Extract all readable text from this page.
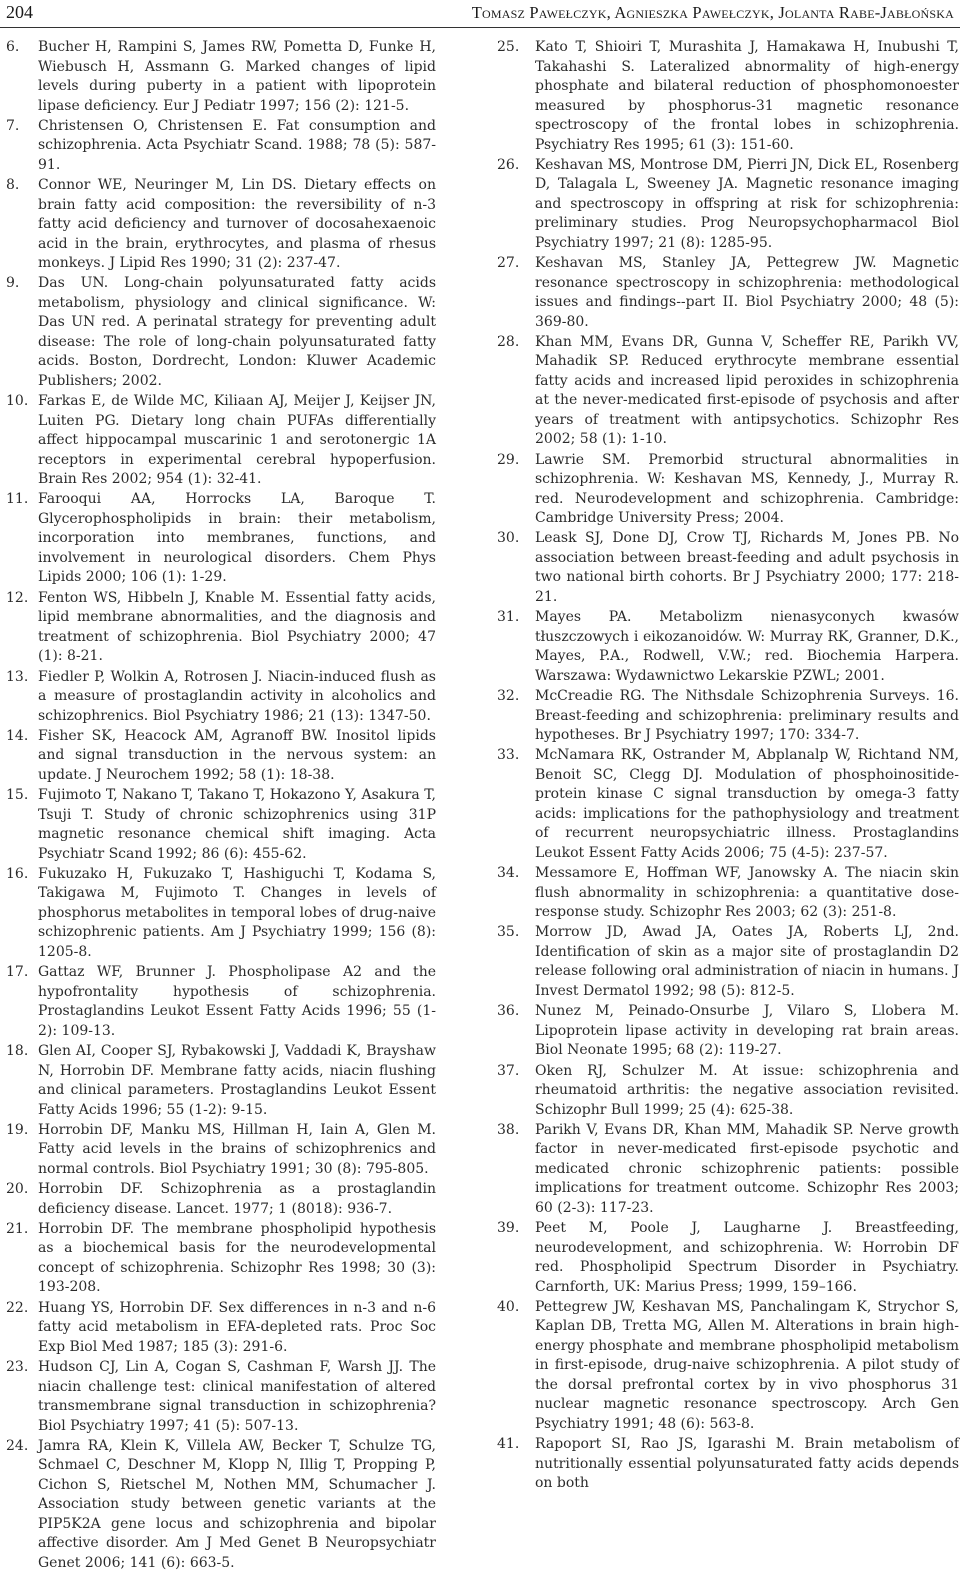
204	Tomasz Pawełczyk, Agnieszka Pawełczyk, Jolanta Rabe-Jabłońska
6.	Bucher H, Rampini S, James RW, Pometta D, Funke H, Wiebusch H, Assmann G. Marked changes of lipid levels during puberty in a patient with lipoprotein lipase deficiency. Eur J Pediatr 1997; 156 (2): 121-5.
7.	Christensen O, Christensen E. Fat consumption and schizophrenia. Acta Psychiatr Scand. 1988; 78 (5): 587-91.
8.	Connor WE, Neuringer M, Lin DS. Dietary effects on brain fatty acid composition: the reversibility of n-3 fatty acid deficiency and turnover of docosahexaenoic acid in the brain, erythrocytes, and plasma of rhesus monkeys. J Lipid Res 1990; 31 (2): 237-47.
9.	Das UN. Long-chain polyunsaturated fatty acids metabolism, physiology and clinical significance. W: Das UN red. A perinatal strategy for preventing adult disease: The role of long-chain polyunsaturated fatty acids. Boston, Dordrecht, London: Kluwer Academic Publishers; 2002.
10. Farkas E, de Wilde MC, Kiliaan AJ, Meijer J, Keijser JN, Luiten PG. Dietary long chain PUFAs differentially affect hippocampal muscarinic 1 and serotonergic 1A receptors in experimental cerebral hypoperfusion. Brain Res 2002; 954 (1): 32-41.
11. Farooqui AA, Horrocks LA, Baroque T. Glycerophospholipids in brain: their metabolism, incorporation into membranes, functions, and involvement in neurological disorders. Chem Phys Lipids 2000; 106 (1): 1-29.
12. Fenton WS, Hibbeln J, Knable M. Essential fatty acids, lipid membrane abnormalities, and the diagnosis and treatment of schizophrenia. Biol Psychiatry 2000; 47 (1): 8-21.
13. Fiedler P, Wolkin A, Rotrosen J. Niacin-induced flush as a measure of prostaglandin activity in alcoholics and schizophrenics. Biol Psychiatry 1986; 21 (13): 1347-50.
14. Fisher SK, Heacock AM, Agranoff BW. Inositol lipids and signal transduction in the nervous system: an update. J Neurochem 1992; 58 (1): 18-38.
15. Fujimoto T, Nakano T, Takano T, Hokazono Y, Asakura T, Tsuji T. Study of chronic schizophrenics using 31P magnetic resonance chemical shift imaging. Acta Psychiatr Scand 1992; 86 (6): 455-62.
16. Fukuzako H, Fukuzako T, Hashiguchi T, Kodama S, Takigawa M, Fujimoto T. Changes in levels of phosphorus metabolites in temporal lobes of drug-naive schizophrenic patients. Am J Psychiatry 1999; 156 (8): 1205-8.
17. Gattaz WF, Brunner J. Phospholipase A2 and the hypofrontality hypothesis of schizophrenia. Prostaglandins Leukot Essent Fatty Acids 1996; 55 (1-2): 109-13.
18. Glen AI, Cooper SJ, Rybakowski J, Vaddadi K, Brayshaw N, Horrobin DF. Membrane fatty acids, niacin flushing and clinical parameters. Prostaglandins Leukot Essent Fatty Acids 1996; 55 (1-2): 9-15.
19. Horrobin DF, Manku MS, Hillman H, Iain A, Glen M. Fatty acid levels in the brains of schizophrenics and normal controls. Biol Psychiatry 1991; 30 (8): 795-805.
20. Horrobin DF. Schizophrenia as a prostaglandin deficiency disease. Lancet. 1977; 1 (8018): 936-7.
21. Horrobin DF. The membrane phospholipid hypothesis as a biochemical basis for the neurodevelopmental concept of schizophrenia. Schizophr Res 1998; 30 (3): 193-208.
22. Huang YS, Horrobin DF. Sex differences in n-3 and n-6 fatty acid metabolism in EFA-depleted rats. Proc Soc Exp Biol Med 1987; 185 (3): 291-6.
23. Hudson CJ, Lin A, Cogan S, Cashman F, Warsh JJ. The niacin challenge test: clinical manifestation of altered transmembrane signal transduction in schizophrenia? Biol Psychiatry 1997; 41 (5): 507-13.
24. Jamra RA, Klein K, Villela AW, Becker T, Schulze TG, Schmael C, Deschner M, Klopp N, Illig T, Propping P, Cichon S, Rietschel M, Nothen MM, Schumacher J. Association study between genetic variants at the PIP5K2A gene locus and schizophrenia and bipolar affective disorder. Am J Med Genet B Neuropsychiatr Genet 2006; 141 (6): 663-5.
25.	Kato T, Shioiri T, Murashita J, Hamakawa H, Inubushi T, Takahashi S. Lateralized abnormality of high-energy phosphate and bilateral reduction of phosphomonoester measured by phosphorus-31 magnetic resonance spectroscopy of the frontal lobes in schizophrenia. Psychiatry Res 1995; 61 (3): 151-60.
26.	Keshavan MS, Montrose DM, Pierri JN, Dick EL, Rosenberg D, Talagala L, Sweeney JA. Magnetic resonance imaging and spectroscopy in offspring at risk for schizophrenia: preliminary studies. Prog Neuropsychopharmacol Biol Psychiatry 1997; 21 (8): 1285-95.
27.	Keshavan MS, Stanley JA, Pettegrew JW. Magnetic resonance spectroscopy in schizophrenia: methodological issues and findings--part II. Biol Psychiatry 2000; 48 (5): 369-80.
28.	Khan MM, Evans DR, Gunna V, Scheffer RE, Parikh VV, Mahadik SP. Reduced erythrocyte membrane essential fatty acids and increased lipid peroxides in schizophrenia at the never-medicated first-episode of psychosis and after years of treatment with antipsychotics. Schizophr Res 2002; 58 (1): 1-10.
29.	Lawrie SM. Premorbid structural abnormalities in schizophrenia. W: Keshavan MS, Kennedy, J., Murray R. red. Neurodevelopment and schizophrenia. Cambridge: Cambridge University Press; 2004.
30.	Leask SJ, Done DJ, Crow TJ, Richards M, Jones PB. No association between breast-feeding and adult psychosis in two national birth cohorts. Br J Psychiatry 2000; 177: 218-21.
31.	Mayes PA. Metabolizm nienasyconych kwasów tłuszczowych i eikozanoidów. W: Murray RK, Granner, D.K., Mayes, P.A., Rodwell, V.W.; red. Biochemia Harpera. Warszawa: Wydawnictwo Lekarskie PZWL; 2001.
32.	McCreadie RG. The Nithsdale Schizophrenia Surveys. 16. Breast-feeding and schizophrenia: preliminary results and hypotheses. Br J Psychiatry 1997; 170: 334-7.
33.	McNamara RK, Ostrander M, Abplanalp W, Richtand NM, Benoit SC, Clegg DJ. Modulation of phosphoinositide-protein kinase C signal transduction by omega-3 fatty acids: implications for the pathophysiology and treatment of recurrent neuropsychiatric illness. Prostaglandins Leukot Essent Fatty Acids 2006; 75 (4-5): 237-57.
34.	Messamore E, Hoffman WF, Janowsky A. The niacin skin flush abnormality in schizophrenia: a quantitative dose-response study. Schizophr Res 2003; 62 (3): 251-8.
35.	Morrow JD, Awad JA, Oates JA, Roberts LJ, 2nd. Identification of skin as a major site of prostaglandin D2 release following oral administration of niacin in humans. J Invest Dermatol 1992; 98 (5): 812-5.
36.	Nunez M, Peinado-Onsurbe J, Vilaro S, Llobera M. Lipoprotein lipase activity in developing rat brain areas. Biol Neonate 1995; 68 (2): 119-27.
37.	Oken RJ, Schulzer M. At issue: schizophrenia and rheumatoid arthritis: the negative association revisited. Schizophr Bull 1999; 25 (4): 625-38.
38.	Parikh V, Evans DR, Khan MM, Mahadik SP. Nerve growth factor in never-medicated first-episode psychotic and medicated chronic schizophrenic patients: possible implications for treatment outcome. Schizophr Res 2003; 60 (2-3): 117-23.
39.	Peet M, Poole J, Laugharne J. Breastfeeding, neurodevelopment, and schizophrenia. W: Horrobin DF red. Phospholipid Spectrum Disorder in Psychiatry. Carnforth, UK: Marius Press; 1999, 159–166.
40.	Pettegrew JW, Keshavan MS, Panchalingam K, Strychor S, Kaplan DB, Tretta MG, Allen M. Alterations in brain high-energy phosphate and membrane phospholipid metabolism in first-episode, drug-naive schizophrenia. A pilot study of the dorsal prefrontal cortex by in vivo phosphorus 31 nuclear magnetic resonance spectroscopy. Arch Gen Psychiatry 1991; 48 (6): 563-8.
41.	Rapoport SI, Rao JS, Igarashi M. Brain metabolism of nutritionally essential polyunsaturated fatty acids depends on both
